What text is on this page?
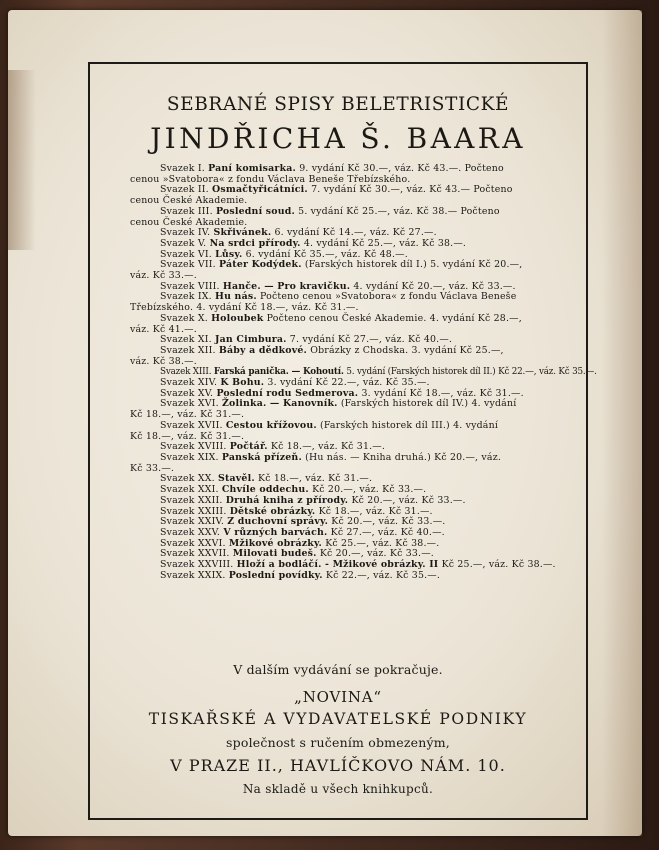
SEBRANÉ SPISY BELETRISTICKÉ
JINDŘICHA Š. BAARA
Svazek I. Paní komisarka. 9. vydání Kč 30.—, váz. Kč 43.—. Počteno
cenou »Svatobora« z fondu Václava Beneše Třebízského.
Svazek II. Osmačtyřicátníci. 7. vydání Kč 30.—, váz. Kč 43.— Počteno
cenou České Akademie.
Svazek III. Poslední soud. 5. vydání Kč 25.—, váz. Kč 38.— Počteno
cenou České Akademie.
Svazek IV. Skřivánek. 6. vydání Kč 14.—, váz. Kč 27.—.
Svazek V. Na srdci přírody. 4. vydání Kč 25.—, váz. Kč 38.—.
Svazek VI. Lůsy. 6. vydání Kč 35.—, váz. Kč 48.—.
Svazek VII. Páter Kodýdek. (Farských historek díl I.) 5. vydání Kč 20.—,
váz. Kč 33.—.
Svazek VIII. Hanče. — Pro kravičku. 4. vydání Kč 20.—, váz. Kč 33.—.
Svazek IX. Hu nás. Počteno cenou »Svatobora« z fondu Václava Beneše
Třebízského. 4. vydání Kč 18.—, váz. Kč 31.—.
Svazek X. Holoubek Počteno cenou České Akademie. 4. vydání Kč 28.—,
váz. Kč 41.—.
Svazek XI. Jan Cimbura. 7. vydání Kč 27.—, váz. Kč 40.—.
Svazek XII. Báby a dědkové. Obrázky z Chodska. 3. vydání Kč 25.—,
váz. Kč 38.—.
Svazek XIII. Farská panička. — Kohoutí. 5. vydání (Farských historek díl II.) Kč 22.—, váz. Kč 35.—.
Svazek XIV. K Bohu. 3. vydání Kč 22.—, váz. Kč 35.—.
Svazek XV. Poslední rodu Sedmerova. 3. vydání Kč 18.—, váz. Kč 31.—.
Svazek XVI. Žolinka. — Kanovník. (Farských historek díl IV.) 4. vydání
Kč 18.—, váz. Kč 31.—.
Svazek XVII. Cestou křížovou. (Farských historek díl III.) 4. vydání
Kč 18.—, váz. Kč 31.—.
Svazek XVIII. Počtář. Kč 18.—, váz. Kč 31.—.
Svazek XIX. Panská přízeň. (Hu nás. — Kniha druhá.) Kč 20.—, váz.
Kč 33.—.
Svazek XX. Stavěl. Kč 18.—, váz. Kč 31.—.
Svazek XXI. Chvíle oddechu. Kč 20.—, váz. Kč 33.—.
Svazek XXII. Druhá kniha z přírody. Kč 20.—, váz. Kč 33.—.
Svazek XXIII. Dětské obrázky. Kč 18.—, váz. Kč 31.—.
Svazek XXIV. Z duchovní správy. Kč 20.—, váz. Kč 33.—.
Svazek XXV. V různých barvách. Kč 27.—, váz. Kč 40.—.
Svazek XXVI. Mžikové obrázky. Kč 25.—, váz. Kč 38.—.
Svazek XXVII. Milovati budeš. Kč 20.—, váz. Kč 33.—.
Svazek XXVIII. Hloží a bodláčí. - Mžikové obrázky. II Kč 25.—, váz. Kč 38.—.
Svazek XXIX. Poslední povídky. Kč 22.—, váz. Kč 35.—.
V dalším vydávání se pokračuje.
„NOVINA“
TISKAŘSKÉ A VYDAVATELSKÉ PODNIKY
společnost s ručením obmezeným,
V PRAZE II., HAVLÍČKOVO NÁM. 10.
Na skladě u všech knihkupců.
